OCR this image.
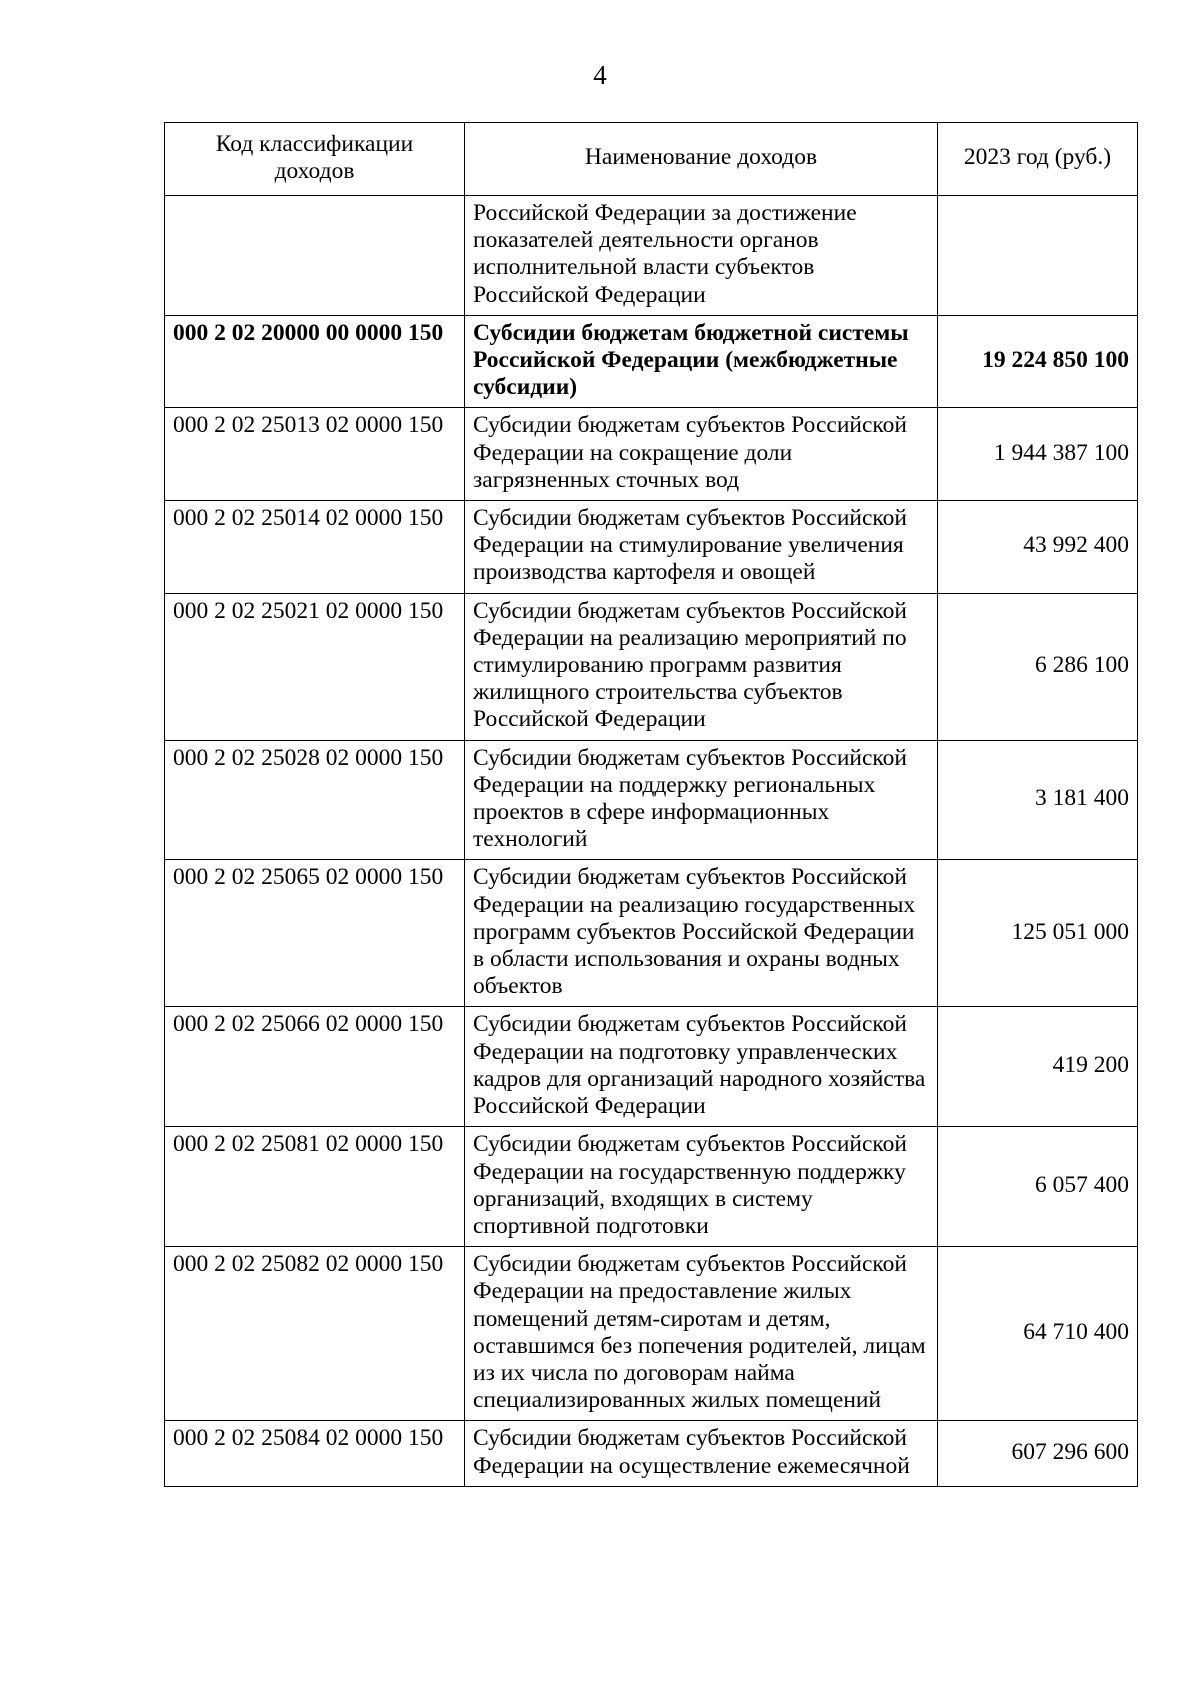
4
Код классификации доходов	Наименование доходов	2023 год (руб.)
	Российской Федерации за достижение показателей деятельности органов исполнительной власти субъектов Российской Федерации	
000 2 02 20000 00 0000 150	Субсидии бюджетам бюджетной системы Российской Федерации (межбюджетные субсидии)	19 224 850 100
000 2 02 25013 02 0000 150	Субсидии бюджетам субъектов Российской Федерации на сокращение доли загрязненных сточных вод	1 944 387 100
000 2 02 25014 02 0000 150	Субсидии бюджетам субъектов Российской Федерации на стимулирование увеличения производства картофеля и овощей	43 992 400
000 2 02 25021 02 0000 150	Субсидии бюджетам субъектов Российской Федерации на реализацию мероприятий по стимулированию программ развития жилищного строительства субъектов Российской Федерации	6 286 100
000 2 02 25028 02 0000 150	Субсидии бюджетам субъектов Российской Федерации на поддержку региональных проектов в сфере информационных технологий	3 181 400
000 2 02 25065 02 0000 150	Субсидии бюджетам субъектов Российской Федерации на реализацию государственных программ субъектов Российской Федерации в области использования и охраны водных объектов	125 051 000
000 2 02 25066 02 0000 150	Субсидии бюджетам субъектов Российской Федерации на подготовку управленческих кадров для организаций народного хозяйства Российской Федерации	419 200
000 2 02 25081 02 0000 150	Субсидии бюджетам субъектов Российской Федерации на государственную поддержку организаций, входящих в систему спортивной подготовки	6 057 400
000 2 02 25082 02 0000 150	Субсидии бюджетам субъектов Российской Федерации на предоставление жилых помещений детям-сиротам и детям, оставшимся без попечения родителей, лицам из их числа по договорам найма специализированных жилых помещений	64 710 400
000 2 02 25084 02 0000 150	Субсидии бюджетам субъектов Российской Федерации на осуществление ежемесячной	607 296 600
